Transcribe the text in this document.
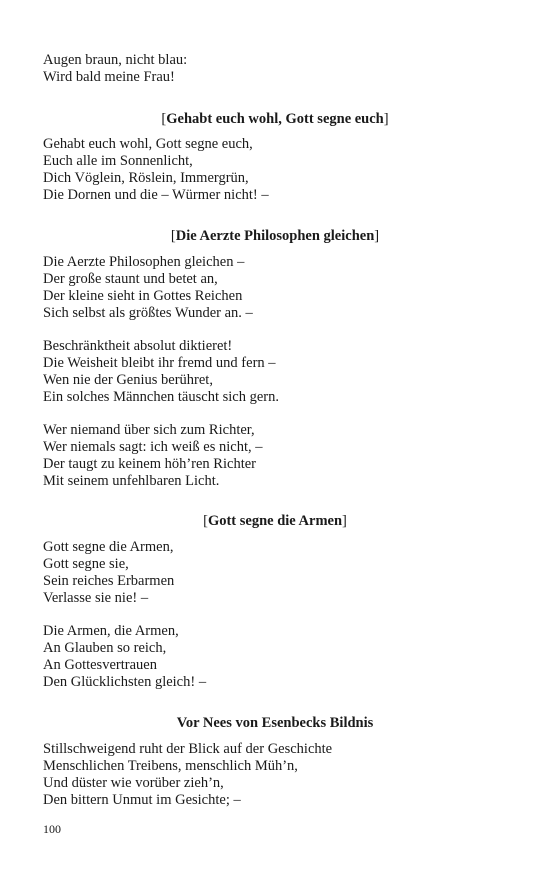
Augen braun, nicht blau:
Wird bald meine Frau!
[Gehabt euch wohl, Gott segne euch]
Gehabt euch wohl, Gott segne euch,
Euch alle im Sonnenlicht,
Dich Vöglein, Röslein, Immergrün,
Die Dornen und die – Würmer nicht! –
[Die Aerzte Philosophen gleichen]
Die Aerzte Philosophen gleichen –
Der große staunt und betet an,
Der kleine sieht in Gottes Reichen
Sich selbst als größtes Wunder an. –
Beschränktheit absolut diktieret!
Die Weisheit bleibt ihr fremd und fern –
Wen nie der Genius berühret,
Ein solches Männchen täuscht sich gern.
Wer niemand über sich zum Richter,
Wer niemals sagt: ich weiß es nicht, –
Der taugt zu keinem höh’ren Richter
Mit seinem unfehlbaren Licht.
[Gott segne die Armen]
Gott segne die Armen,
Gott segne sie,
Sein reiches Erbarmen
Verlasse sie nie! –
Die Armen, die Armen,
An Glauben so reich,
An Gottesvertrauen
Den Glücklichsten gleich! –
Vor Nees von Esenbecks Bildnis
Stillschweigend ruht der Blick auf der Geschichte
Menschlichen Treibens, menschlich Müh’n,
Und düster wie vorüber zieh’n,
Den bittern Unmut im Gesichte; –
100
